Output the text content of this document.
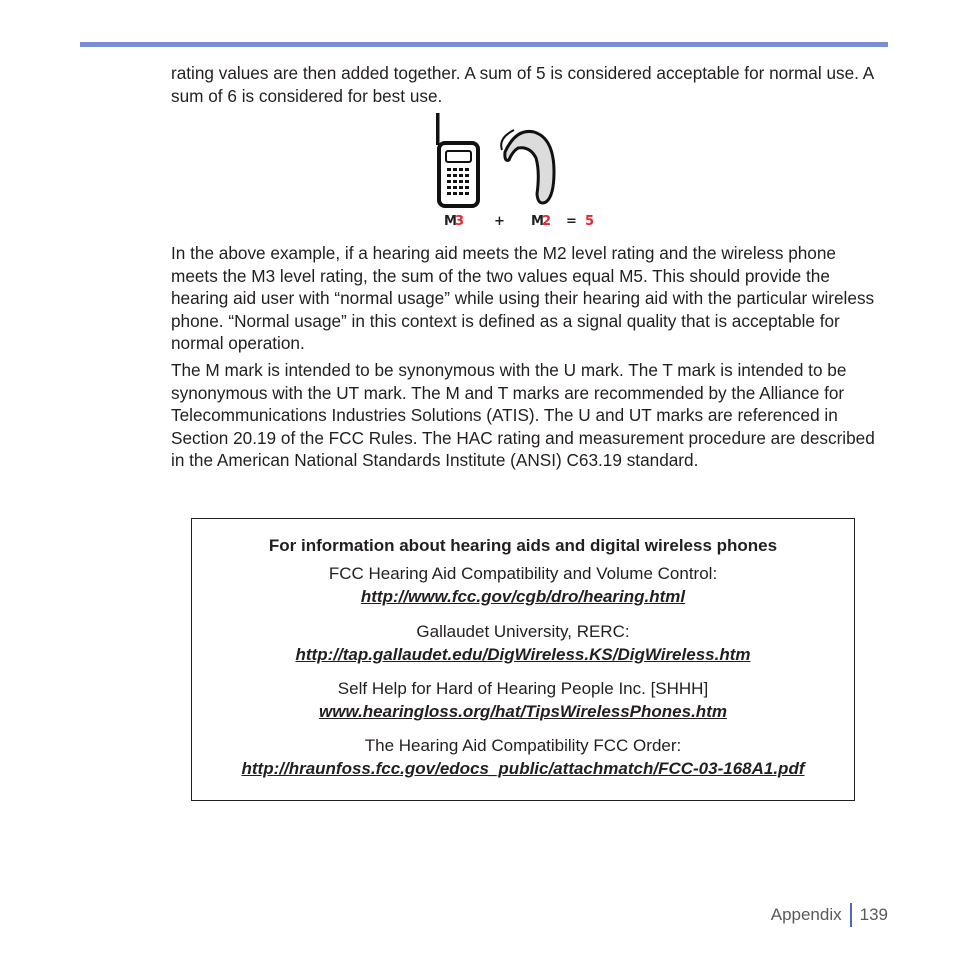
rating values are then added together. A sum of 5 is considered acceptable for normal use. A sum of 6 is considered for best use.

M
3 + M
2 = 5

In the above example, if a hearing aid meets the M2 level rating and the wireless phone meets the M3 level rating, the sum of the two values equal M5. This should provide the hearing aid user with “normal usage” while using their hearing aid with the particular wireless phone. “Normal usage” in this context is defined as a signal quality that is acceptable for normal operation.

The M mark is intended to be synonymous with the U mark. The T mark is intended to be synonymous with the UT mark. The M and T marks are recommended by the Alliance for Telecommunications Industries Solutions (ATIS). The U and UT marks are referenced in Section 20.19 of the FCC Rules. The HAC rating and measurement procedure are described in the American National Standards Institute (ANSI) C63.19 standard.

For information about hearing aids and digital wireless phones
FCC Hearing Aid Compatibility and Volume Control:
http://www.fcc.gov/cgb/dro/hearing.html
Gallaudet University, RERC:
http://tap.gallaudet.edu/DigWireless.KS/DigWireless.htm
Self Help for Hard of Hearing People Inc. [SHHH]
www.hearingloss.org/hat/TipsWirelessPhones.htm
The Hearing Aid Compatibility FCC Order:
http://hraunfoss.fcc.gov/edocs_public/attachmatch/FCC-03-168A1.pdf
Appendix 139
